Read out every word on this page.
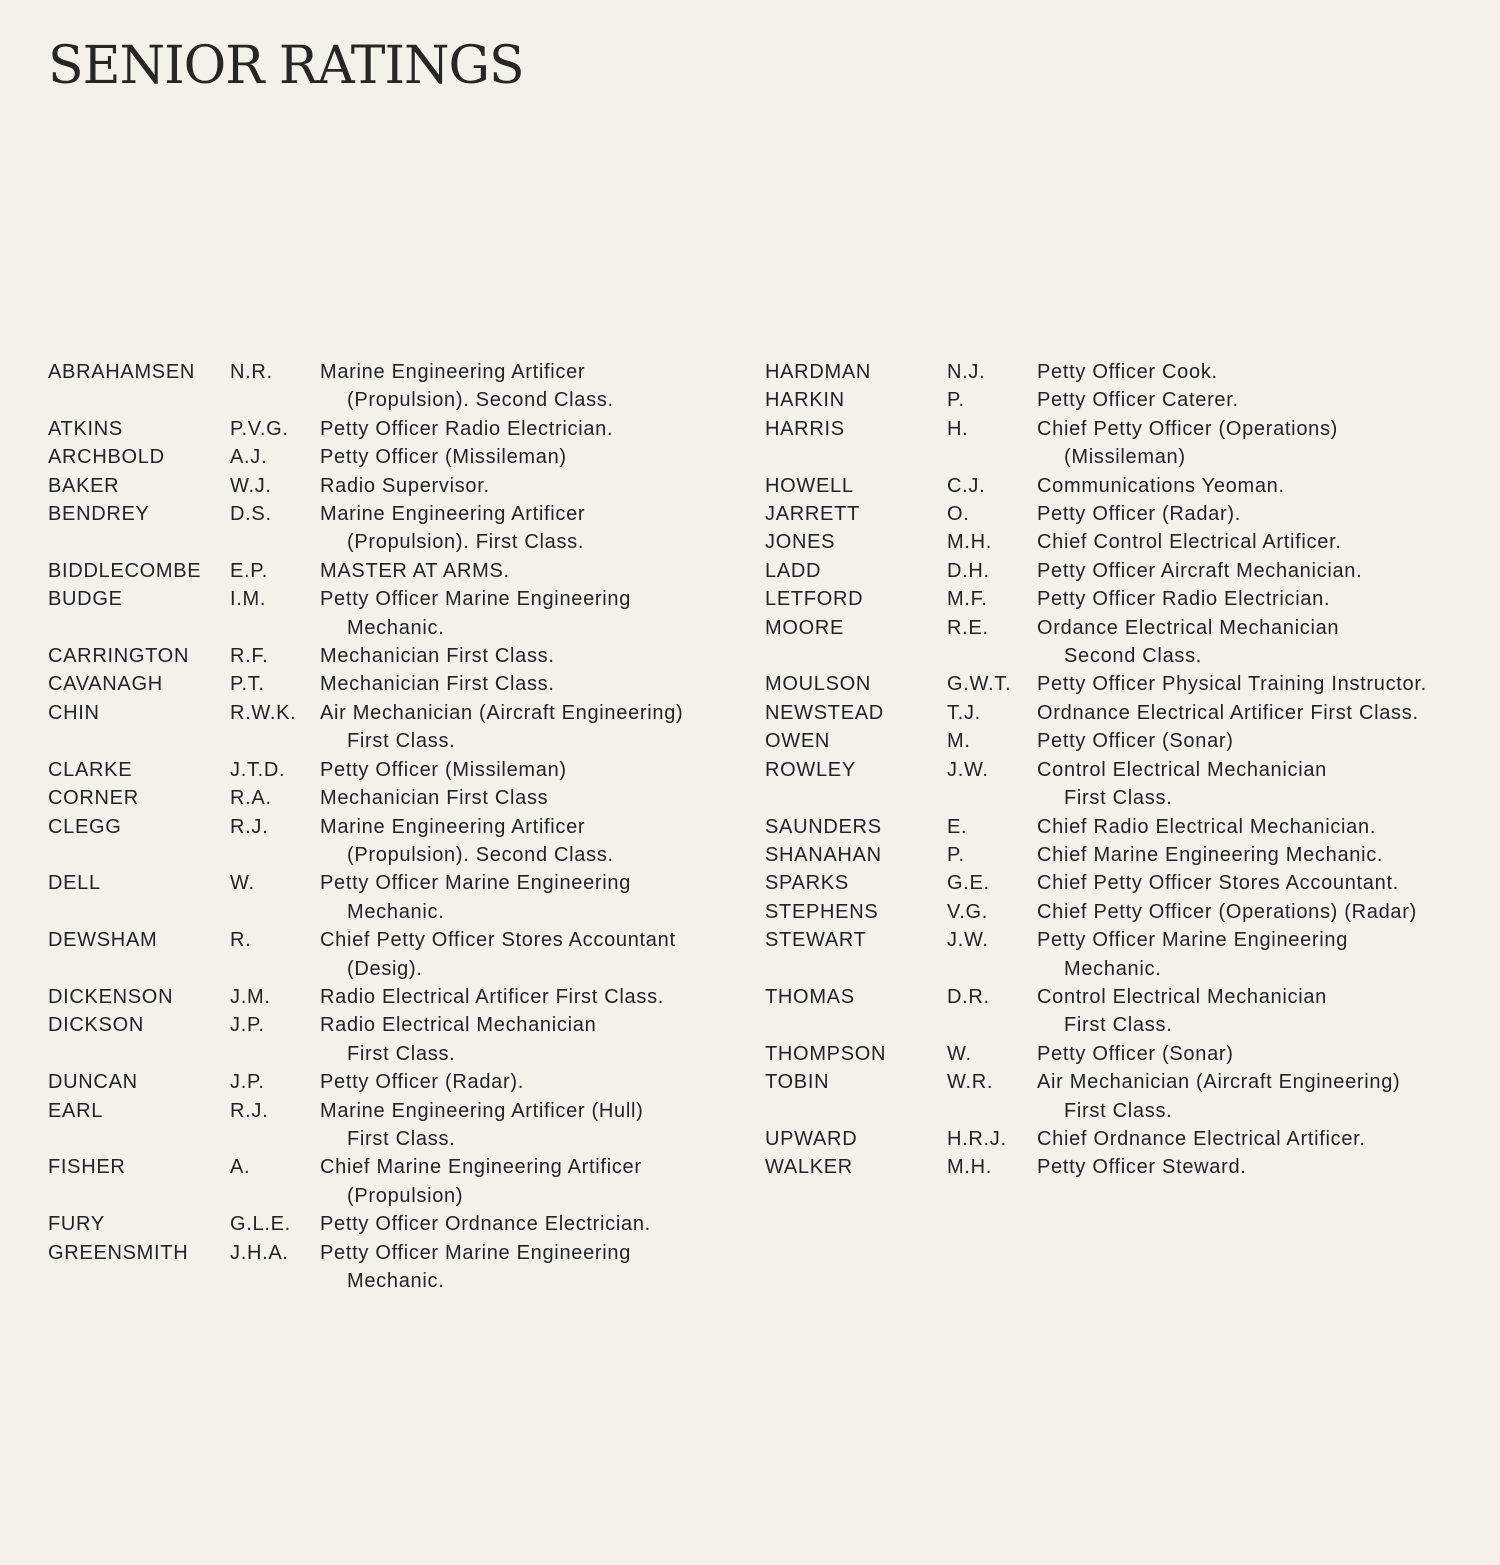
SENIOR RATINGS
ABRAHAMSEN	N.R.	Marine Engineering Artificer
(Propulsion). Second Class.
ATKINS	P.V.G.	Petty Officer Radio Electrician.
ARCHBOLD	A.J.	Petty Officer (Missileman)
BAKER	W.J.	Radio Supervisor.
BENDREY	D.S.	Marine Engineering Artificer
(Propulsion). First Class.
BIDDLECOMBE	E.P.	MASTER AT ARMS.
BUDGE	I.M.	Petty Officer Marine Engineering
Mechanic.
CARRINGTON	R.F.	Mechanician First Class.
CAVANAGH	P.T.	Mechanician First Class.
CHIN	R.W.K.	Air Mechanician (Aircraft Engineering)
First Class.
CLARKE	J.T.D.	Petty Officer (Missileman)
CORNER	R.A.	Mechanician First Class
CLEGG	R.J.	Marine Engineering Artificer
(Propulsion). Second Class.
DELL	W.	Petty Officer Marine Engineering
Mechanic.
DEWSHAM	R.	Chief Petty Officer Stores Accountant
(Desig).
DICKENSON	J.M.	Radio Electrical Artificer First Class.
DICKSON	J.P.	Radio Electrical Mechanician
First Class.
DUNCAN	J.P.	Petty Officer (Radar).
EARL	R.J.	Marine Engineering Artificer (Hull)
First Class.
FISHER	A.	Chief Marine Engineering Artificer
(Propulsion)
FURY	G.L.E.	Petty Officer Ordnance Electrician.
GREENSMITH	J.H.A.	Petty Officer Marine Engineering
Mechanic.
HARDMAN	N.J.	Petty Officer Cook.
HARKIN	P.	Petty Officer Caterer.
HARRIS	H.	Chief Petty Officer (Operations)
(Missileman)
HOWELL	C.J.	Communications Yeoman.
JARRETT	O.	Petty Officer (Radar).
JONES	M.H.	Chief Control Electrical Artificer.
LADD	D.H.	Petty Officer Aircraft Mechanician.
LETFORD	M.F.	Petty Officer Radio Electrician.
MOORE	R.E.	Ordance Electrical Mechanician
Second Class.
MOULSON	G.W.T.	Petty Officer Physical Training Instructor.
NEWSTEAD	T.J.	Ordnance Electrical Artificer First Class.
OWEN	M.	Petty Officer (Sonar)
ROWLEY	J.W.	Control Electrical Mechanician
First Class.
SAUNDERS	E.	Chief Radio Electrical Mechanician.
SHANAHAN	P.	Chief Marine Engineering Mechanic.
SPARKS	G.E.	Chief Petty Officer Stores Accountant.
STEPHENS	V.G.	Chief Petty Officer (Operations) (Radar)
STEWART	J.W.	Petty Officer Marine Engineering
Mechanic.
THOMAS	D.R.	Control Electrical Mechanician
First Class.
THOMPSON	W.	Petty Officer (Sonar)
TOBIN	W.R.	Air Mechanician (Aircraft Engineering)
First Class.
UPWARD	H.R.J.	Chief Ordnance Electrical Artificer.
WALKER	M.H.	Petty Officer Steward.
